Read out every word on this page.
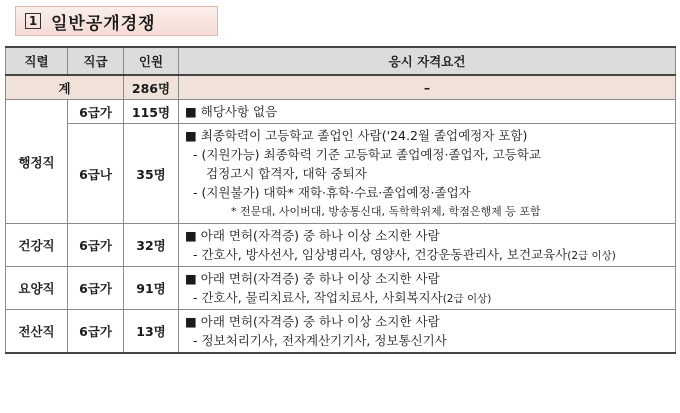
1 일반공개경쟁
직렬	직급	인원	응시 자격요건
계		286명	–
행정직	6급가	115명	■ 해당사항 없음

	6급나	35명	■ 최종학력이 고등학교 졸업인 사람('24.2월 졸업예정자 포함)
- (지원가능) 최종학력 기준 고등학교 졸업예정·졸업자, 고등학교
검정고시 합격자, 대학 중퇴자
- (지원불가) 대학* 재학·휴학·수료·졸업예정·졸업자
* 전문대, 사이버대, 방송통신대, 독학학위제, 학점은행제 등 포함

건강직	6급가	32명	■ 아래 면허(자격증) 중 하나 이상 소지한 사람
- 간호사, 방사선사, 임상병리사, 영양사, 건강운동관리사, 보건교육사(2급 이상)

요양직	6급가	91명	■ 아래 면허(자격증) 중 하나 이상 소지한 사람
- 간호사, 물리치료사, 작업치료사, 사회복지사(2급 이상)

전산직	6급가	13명	■ 아래 면허(자격증) 중 하나 이상 소지한 사람
- 정보처리기사, 전자계산기기사, 정보통신기사
